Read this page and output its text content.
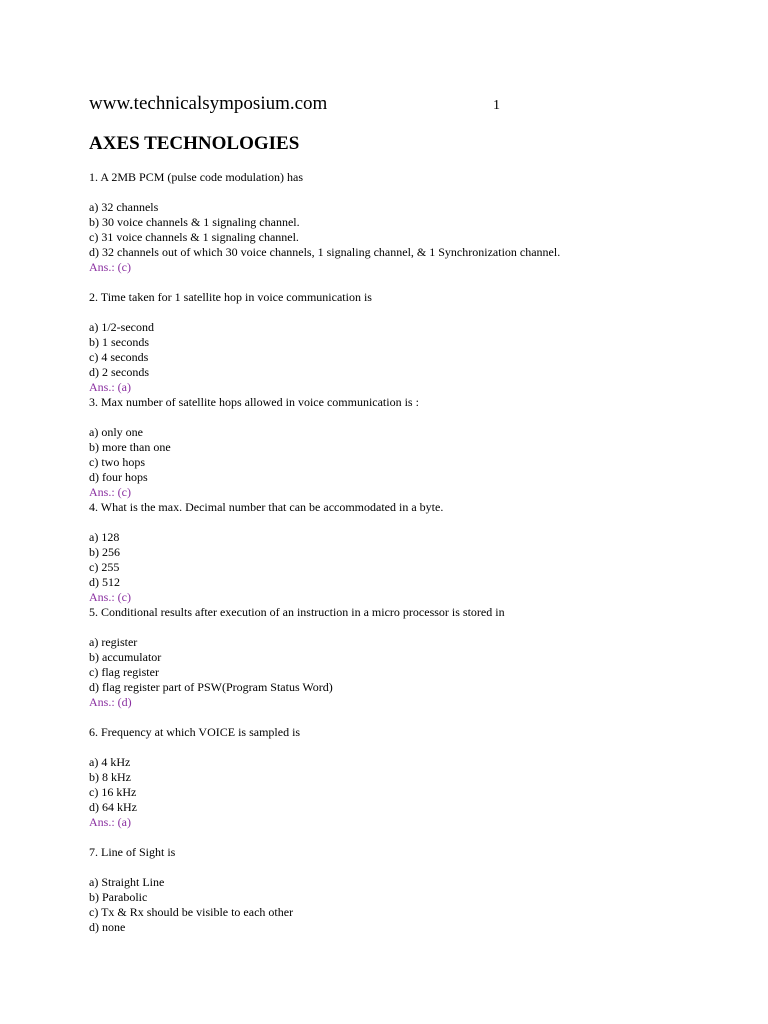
www.technicalsymposium.com	1
AXES TECHNOLOGIES
1. A 2MB PCM (pulse code modulation) has
a) 32 channels
b) 30 voice channels & 1 signaling channel.
c) 31 voice channels & 1 signaling channel.
d) 32 channels out of which 30 voice channels, 1 signaling channel, & 1 Synchronization channel.
Ans.: (c)
2. Time taken for 1 satellite hop in voice communication is
a) 1/2-second
b) 1 seconds
c) 4 seconds
d) 2 seconds
Ans.: (a)
3. Max number of satellite hops allowed in voice communication is :
a) only one
b) more than one
c) two hops
d) four hops
Ans.: (c)
4. What is the max. Decimal number that can be accommodated in a byte.
a) 128
b) 256
c) 255
d) 512
Ans.: (c)
5. Conditional results after execution of an instruction in a micro processor is stored in
a) register
b) accumulator
c) flag register
d) flag register part of PSW(Program Status Word)
Ans.: (d)
6. Frequency at which VOICE is sampled is
a) 4 kHz
b) 8 kHz
c) 16 kHz
d) 64 kHz
Ans.: (a)
7. Line of Sight is
a) Straight Line
b) Parabolic
c) Tx & Rx should be visible to each other
d) none
